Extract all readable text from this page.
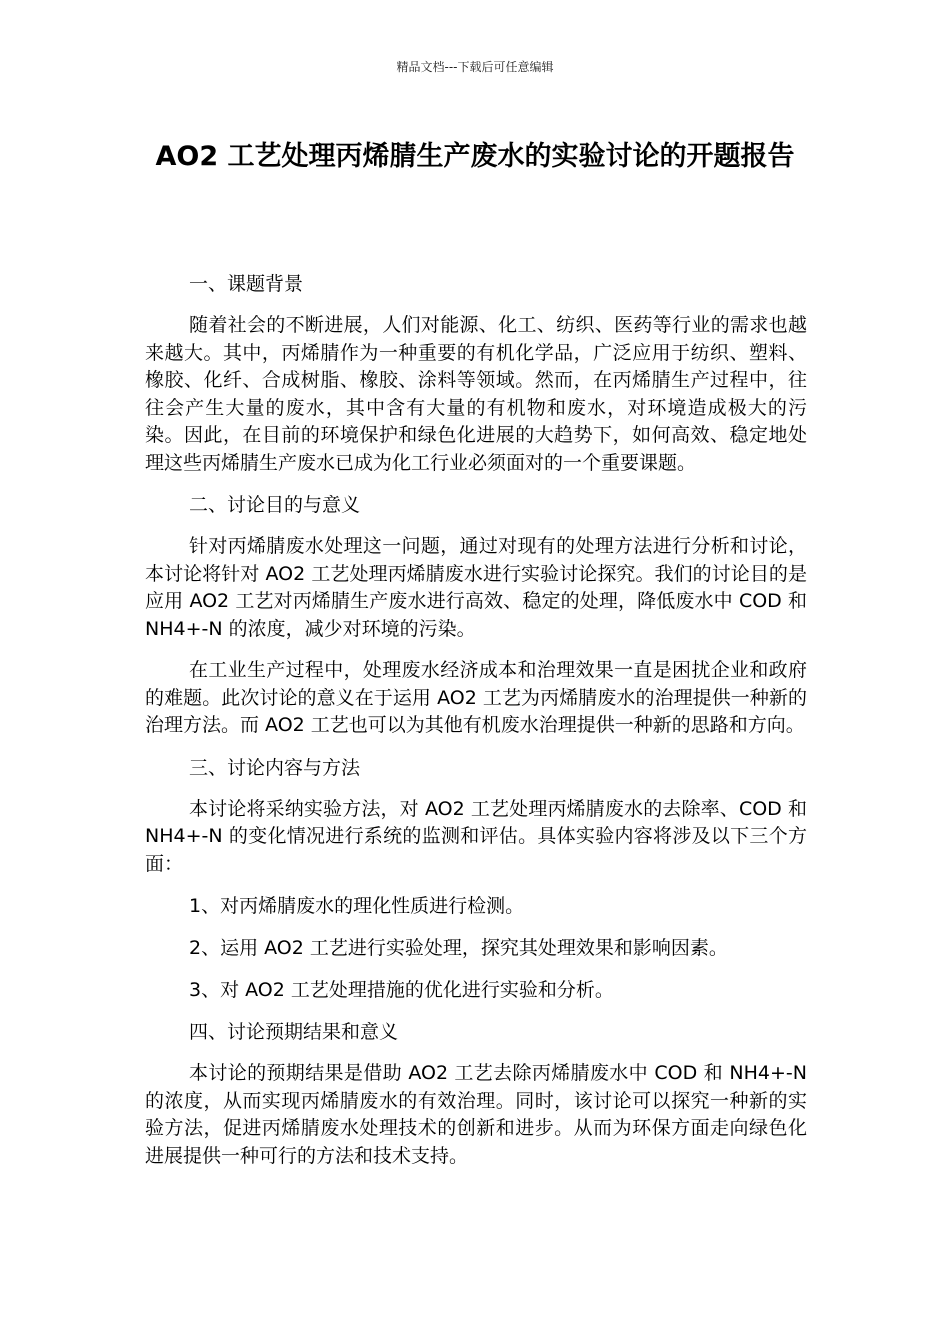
精品文档---下载后可任意编辑
AO2 工艺处理丙烯腈生产废水的实验讨论的开题报告

一、课题背景

随着社会的不断进展，人们对能源、化工、纺织、医药等行业的需求也越来越大。其中，丙烯腈作为一种重要的有机化学品，广泛应用于纺织、塑料、橡胶、化纤、合成树脂、橡胶、涂料等领域。然而，在丙烯腈生产过程中，往往会产生大量的废水，其中含有大量的有机物和废水，对环境造成极大的污染。因此，在目前的环境保护和绿色化进展的大趋势下，如何高效、稳定地处理这些丙烯腈生产废水已成为化工行业必须面对的一个重要课题。

二、讨论目的与意义

针对丙烯腈废水处理这一问题，通过对现有的处理方法进行分析和讨论，本讨论将针对 AO2 工艺处理丙烯腈废水进行实验讨论探究。我们的讨论目的是应用 AO2 工艺对丙烯腈生产废水进行高效、稳定的处理，降低废水中 COD 和 NH4+-N 的浓度，减少对环境的污染。

在工业生产过程中，处理废水经济成本和治理效果一直是困扰企业和政府的难题。此次讨论的意义在于运用 AO2 工艺为丙烯腈废水的治理提供一种新的治理方法。而 AO2 工艺也可以为其他有机废水治理提供一种新的思路和方向。

三、讨论内容与方法

本讨论将采纳实验方法，对 AO2 工艺处理丙烯腈废水的去除率、COD 和 NH4+-N 的变化情况进行系统的监测和评估。具体实验内容将涉及以下三个方面：

1、对丙烯腈废水的理化性质进行检测。

2、运用 AO2 工艺进行实验处理，探究其处理效果和影响因素。

3、对 AO2 工艺处理措施的优化进行实验和分析。

四、讨论预期结果和意义

本讨论的预期结果是借助 AO2 工艺去除丙烯腈废水中 COD 和 NH4+-N 的浓度，从而实现丙烯腈废水的有效治理。同时，该讨论可以探究一种新的实验方法，促进丙烯腈废水处理技术的创新和进步。从而为环保方面走向绿色化进展提供一种可行的方法和技术支持。
